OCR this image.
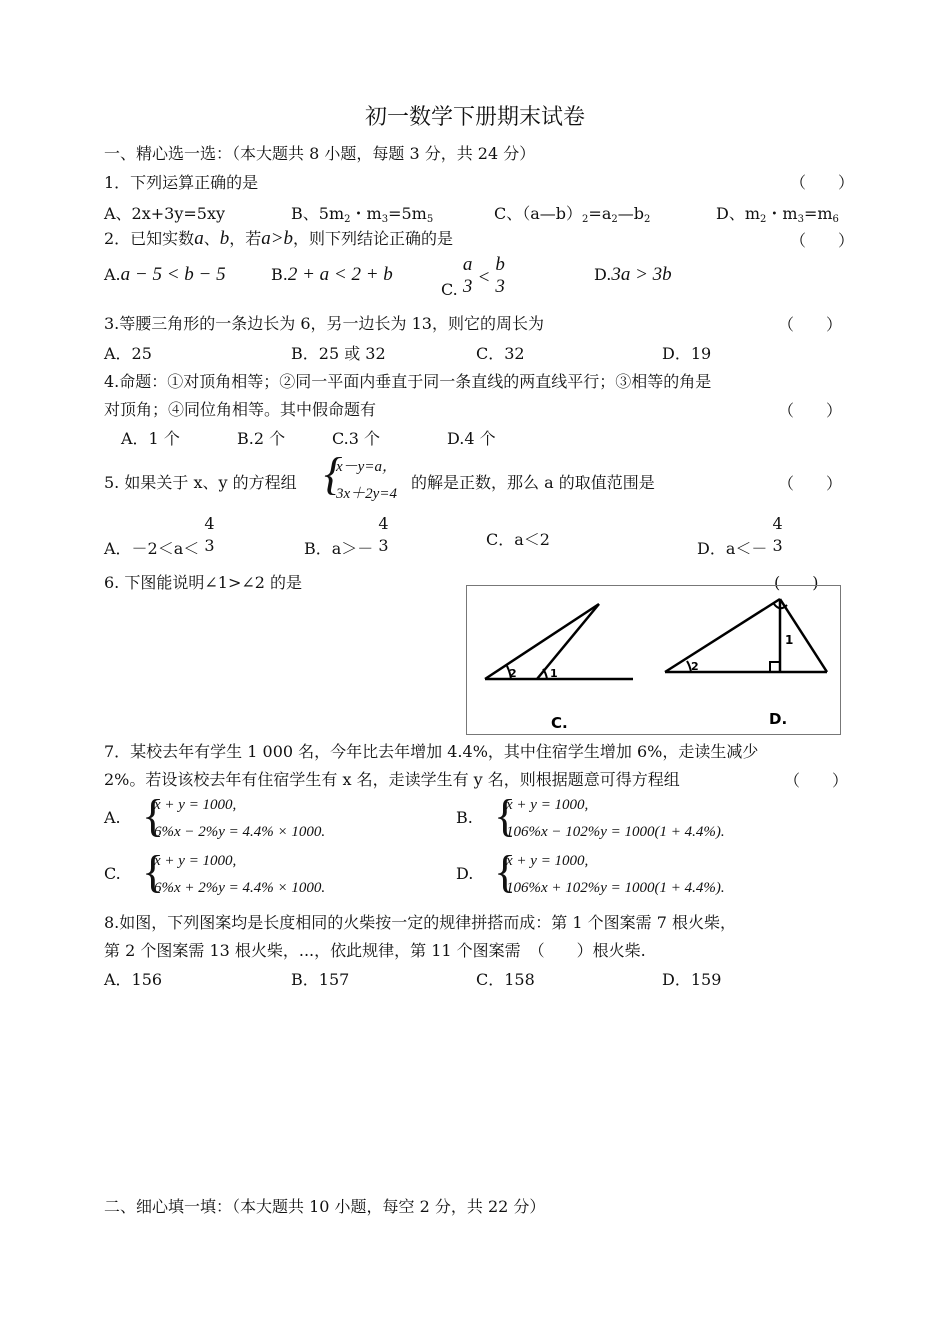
初一数学下册期末试卷
一、精心选一选：（本大题共 8 小题，每题 3 分，共 24 分）
1．下列运算正确的是	（　　）
A、2x+3y=5xy	B、5m2・m3=5m5	C、（a—b）2=a2—b2	D、m2・m3=m6
2．已知实数a、b，若a>b，则下列结论正确的是	（　　）
A.a − 5 < b − 5	B.2 + a < 2 + b
C.
a
3 <
b
3
D.3a > 3b
3.等腰三角形的一条边长为 6，另一边长为 13，则它的周长为	（　　）
A．25	B．25 或 32	C．32	D．19
4.命题：①对顶角相等；②同一平面内垂直于同一条直线的两直线平行；③相等的角是
对顶角；④同位角相等。其中假命题有	（　　）
A．1 个	B.2 个	C.3 个	D.4 个
5. 如果关于 x、y 的方程组 {
x－y=a，
3x＋2y=4
的解是正数，那么 a 的取值范围是	（　　）
A．－2＜a＜
4
3	B．a＞－
4
3	C．a＜2	D．a＜－
4
3
6. 下图能说明∠1>∠2 的是	(　　)
2	1
C.
2
1
D.
7．某校去年有学生 1 000 名，今年比去年增加 4.4%，其中住宿学生增加 6%，走读生减少
2%。若设该校去年有住宿学生有 x 名，走读学生有 y 名，则根据题意可得方程组	（　　）
A. {
x + y = 1000,
6%x − 2%y = 4.4% × 1000.
B. {
x + y = 1000,
106%x − 102%y = 1000(1 + 4.4%).
C. {
x + y = 1000,
6%x + 2%y = 4.4% × 1000.
D. {
x + y = 1000,
106%x + 102%y = 1000(1 + 4.4%).
8.如图，下列图案均是长度相同的火柴按一定的规律拼搭而成：第 1 个图案需 7 根火柴，
第 2 个图案需 13 根火柴，...，依此规律，第 11 个图案需　（　　）根火柴.
A．156	B．157	C．158	D．159
二、细心填一填：（本大题共 10 小题，每空 2 分，共 22 分）
